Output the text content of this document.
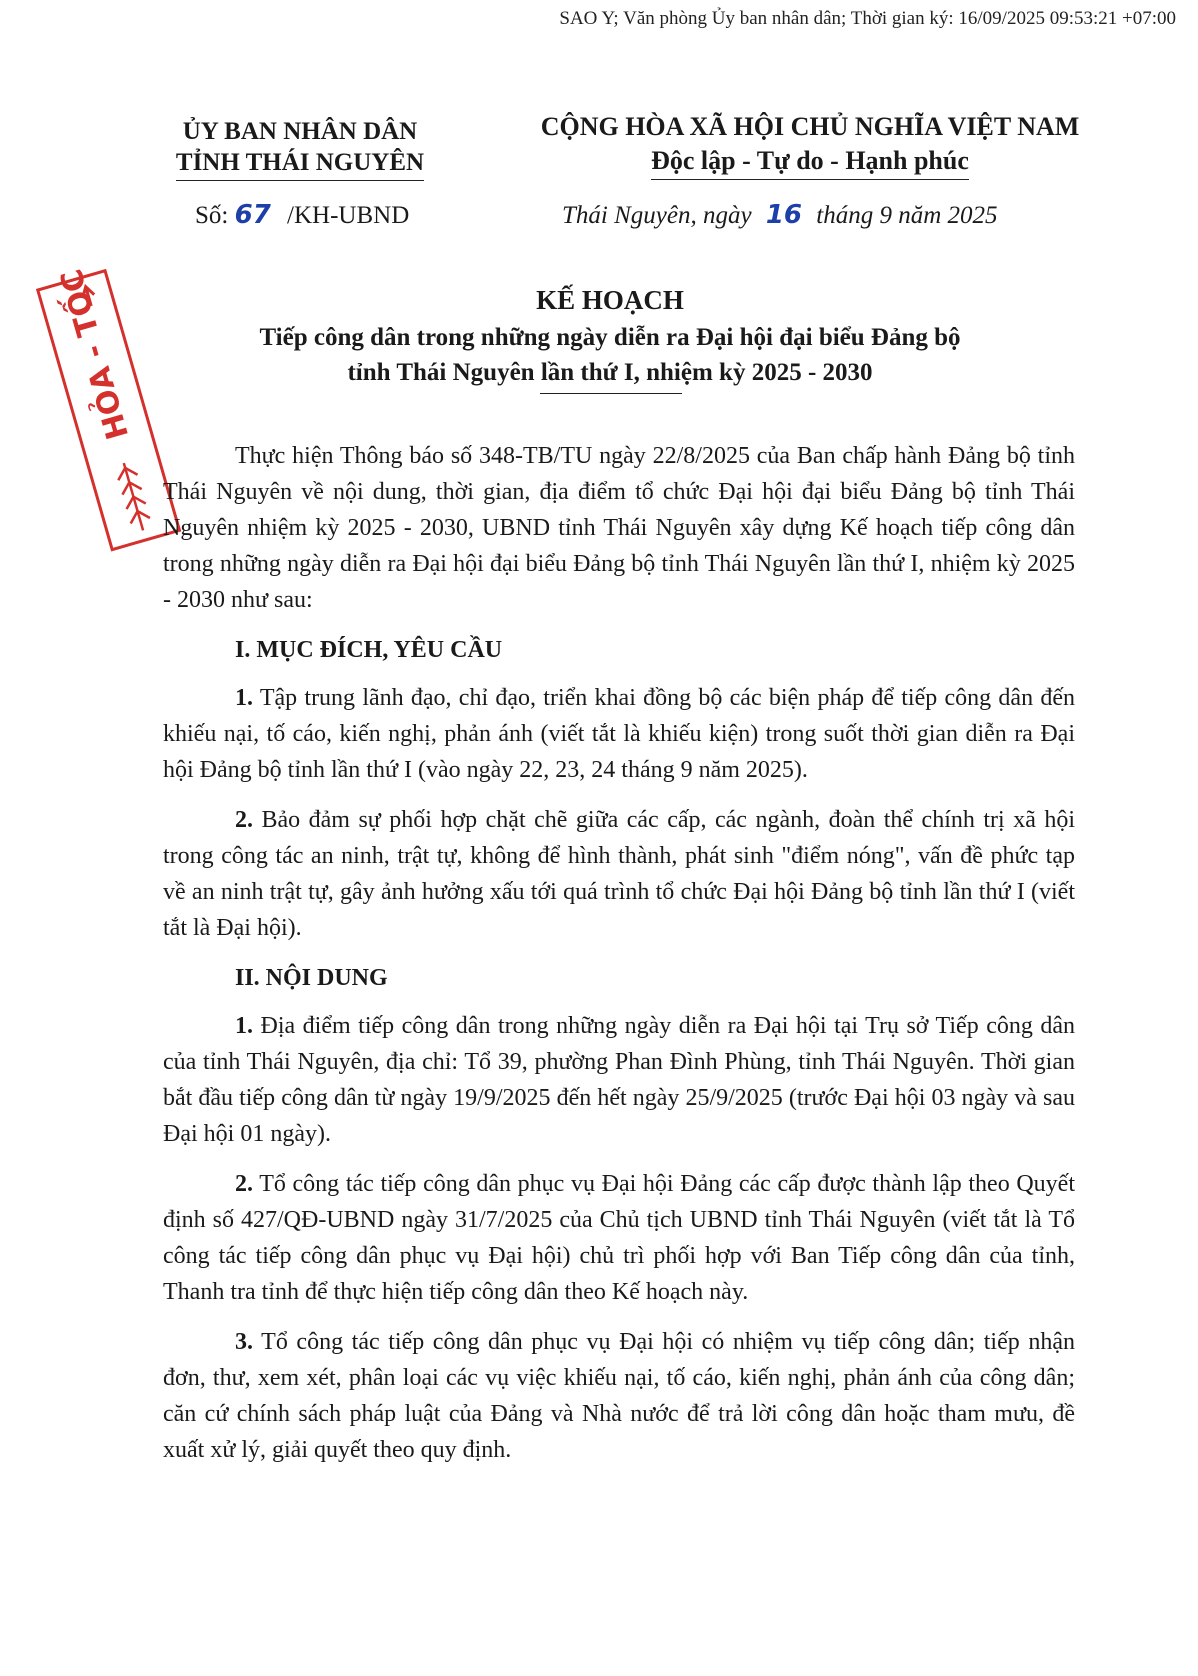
SAO Y; Văn phòng Ủy ban nhân dân; Thời gian ký: 16/09/2025 09:53:21 +07:00
ỦY BAN NHÂN DÂN
TỈNH THÁI NGUYÊN
CỘNG HÒA XÃ HỘI CHỦ NGHĨA VIỆT NAM
Độc lập - Tự do - Hạnh phúc
Số: 67 /KH-UBND	Thái Nguyên, ngày 16 tháng 9 năm 2025
HỎA - TỐC	KẾ HOẠCH
Tiếp công dân trong những ngày diễn ra Đại hội đại biểu Đảng bộ
tỉnh Thái Nguyên lần thứ I, nhiệm kỳ 2025 - 2030

Thực hiện Thông báo số 348-TB/TU ngày 22/8/2025 của Ban chấp hành Đảng bộ tỉnh Thái Nguyên về nội dung, thời gian, địa điểm tổ chức Đại hội đại biểu Đảng bộ tỉnh Thái Nguyên nhiệm kỳ 2025 - 2030, UBND tỉnh Thái Nguyên xây dựng Kế hoạch tiếp công dân trong những ngày diễn ra Đại hội đại biểu Đảng bộ tỉnh Thái Nguyên lần thứ I, nhiệm kỳ 2025 - 2030 như sau:

I. MỤC ĐÍCH, YÊU CẦU

1. Tập trung lãnh đạo, chỉ đạo, triển khai đồng bộ các biện pháp để tiếp công dân đến khiếu nại, tố cáo, kiến nghị, phản ánh (viết tắt là khiếu kiện) trong suốt thời gian diễn ra Đại hội Đảng bộ tỉnh lần thứ I (vào ngày 22, 23, 24 tháng 9 năm 2025).

2. Bảo đảm sự phối hợp chặt chẽ giữa các cấp, các ngành, đoàn thể chính trị xã hội trong công tác an ninh, trật tự, không để hình thành, phát sinh "điểm nóng", vấn đề phức tạp về an ninh trật tự, gây ảnh hưởng xấu tới quá trình tổ chức Đại hội Đảng bộ tỉnh lần thứ I (viết tắt là Đại hội).

II. NỘI DUNG

1. Địa điểm tiếp công dân trong những ngày diễn ra Đại hội tại Trụ sở Tiếp công dân của tỉnh Thái Nguyên, địa chỉ: Tổ 39, phường Phan Đình Phùng, tỉnh Thái Nguyên. Thời gian bắt đầu tiếp công dân từ ngày 19/9/2025 đến hết ngày 25/9/2025 (trước Đại hội 03 ngày và sau Đại hội 01 ngày).

2. Tổ công tác tiếp công dân phục vụ Đại hội Đảng các cấp được thành lập theo Quyết định số 427/QĐ-UBND ngày 31/7/2025 của Chủ tịch UBND tỉnh Thái Nguyên (viết tắt là Tổ công tác tiếp công dân phục vụ Đại hội) chủ trì phối hợp với Ban Tiếp công dân của tỉnh, Thanh tra tỉnh để thực hiện tiếp công dân theo Kế hoạch này.

3. Tổ công tác tiếp công dân phục vụ Đại hội có nhiệm vụ tiếp công dân; tiếp nhận đơn, thư, xem xét, phân loại các vụ việc khiếu nại, tố cáo, kiến nghị, phản ánh của công dân; căn cứ chính sách pháp luật của Đảng và Nhà nước để trả lời công dân hoặc tham mưu, đề xuất xử lý, giải quyết theo quy định.
